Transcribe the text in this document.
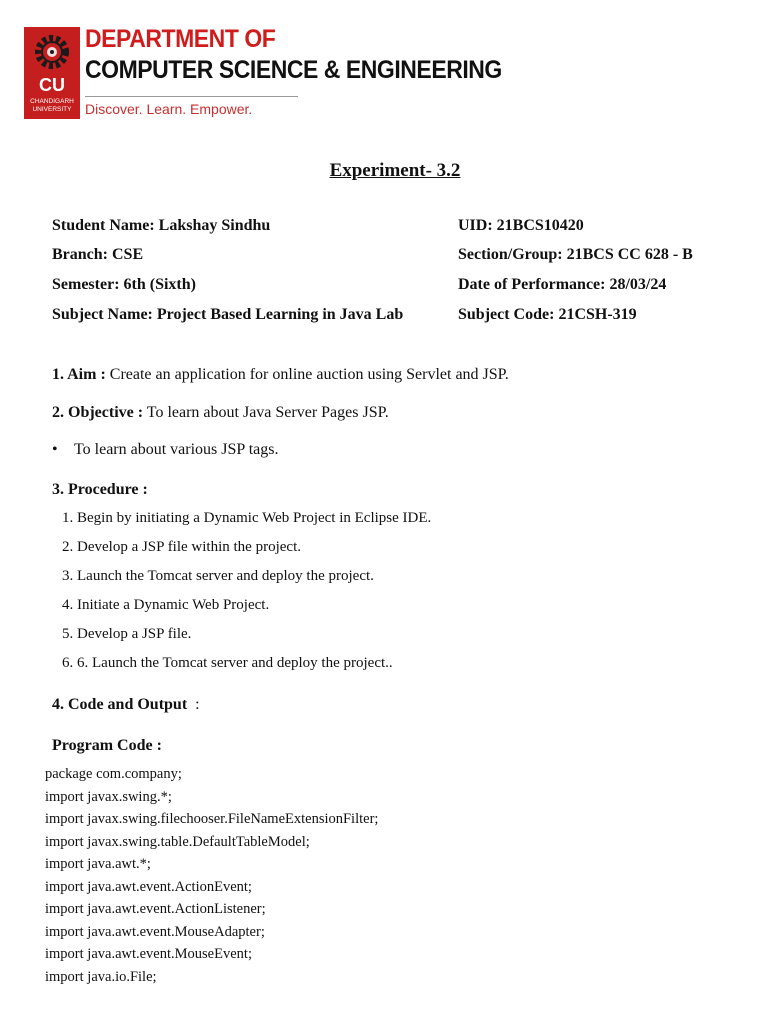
CU
CHANDIGARH
UNIVERSITY
DEPARTMENT OF
COMPUTER SCIENCE & ENGINEERING
Discover. Learn. Empower.
Experiment- 3.2
Student Name: Lakshay Sindhu	UID: 21BCS10420
Branch: CSE	Section/Group: 21BCS CC 628 - B
Semester: 6th (Sixth)	Date of Performance: 28/03/24
Subject Name: Project Based Learning in Java Lab	Subject Code: 21CSH-319
1. Aim : Create an application for online auction using Servlet and JSP.
2. Objective : To learn about Java Server Pages JSP.
• To learn about various JSP tags.
3. Procedure :
1. Begin by initiating a Dynamic Web Project in Eclipse IDE.
2. Develop a JSP file within the project.
3. Launch the Tomcat server and deploy the project.
4. Initiate a Dynamic Web Project.
5. Develop a JSP file.
6. 6. Launch the Tomcat server and deploy the project..
4. Code and Output  :
Program Code :
package com.company;
import javax.swing.*;
import javax.swing.filechooser.FileNameExtensionFilter;
import javax.swing.table.DefaultTableModel;
import java.awt.*;
import java.awt.event.ActionEvent;
import java.awt.event.ActionListener;
import java.awt.event.MouseAdapter;
import java.awt.event.MouseEvent;
import java.io.File;
